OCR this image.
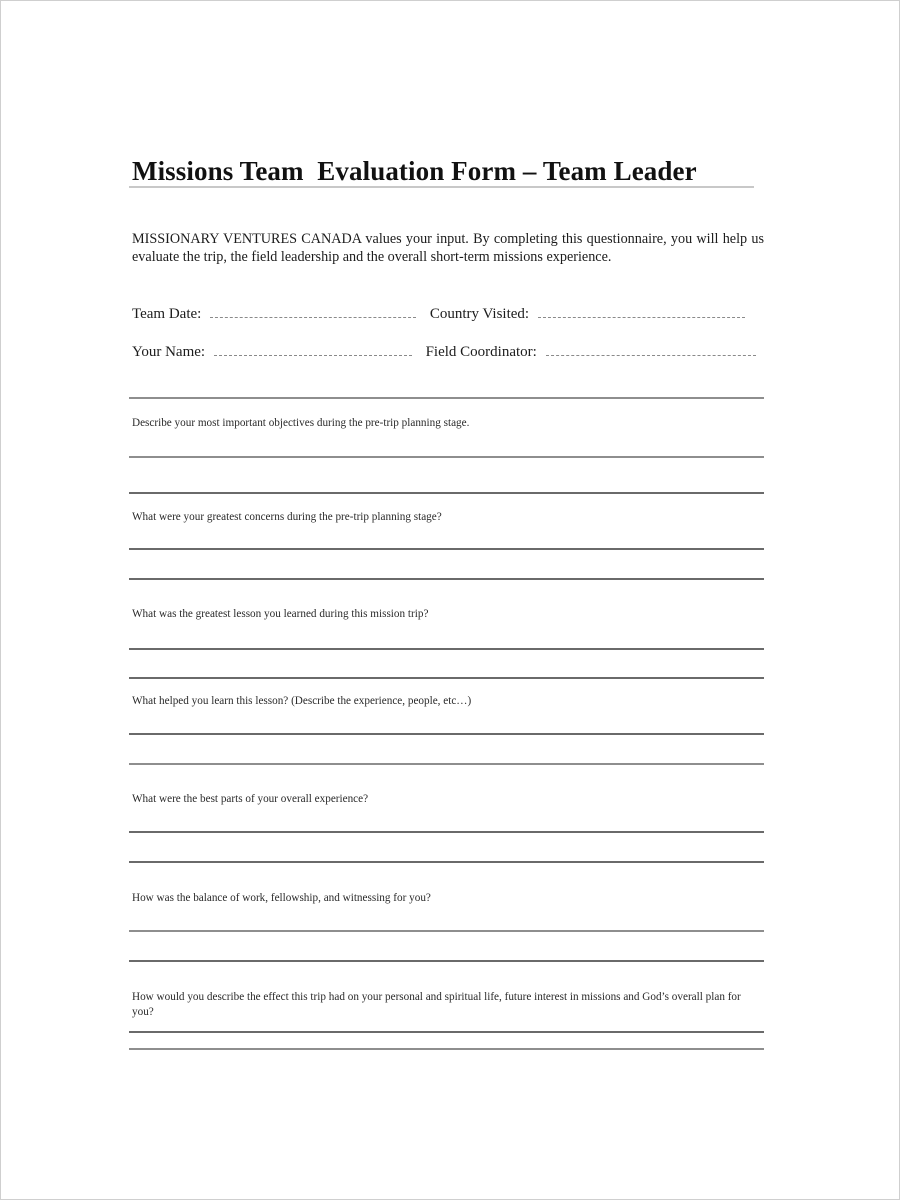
Missions Team  Evaluation Form – Team Leader
MISSIONARY VENTURES CANADA values your input. By completing this questionnaire, you will help us evaluate the trip, the field leadership and the overall short-term missions experience.
Team Date:	Country Visited:
Your Name:	Field Coordinator:
Describe your most important objectives during the pre-trip planning stage.
What were your greatest concerns during the pre-trip planning stage?
What was the greatest lesson you learned during this mission trip?
What helped you learn this lesson? (Describe the experience, people, etc…)
What were the best parts of your overall experience?
How was the balance of work, fellowship, and witnessing for you?
How would you describe the effect this trip had on your personal and spiritual life, future interest in missions and God’s overall plan for you?
